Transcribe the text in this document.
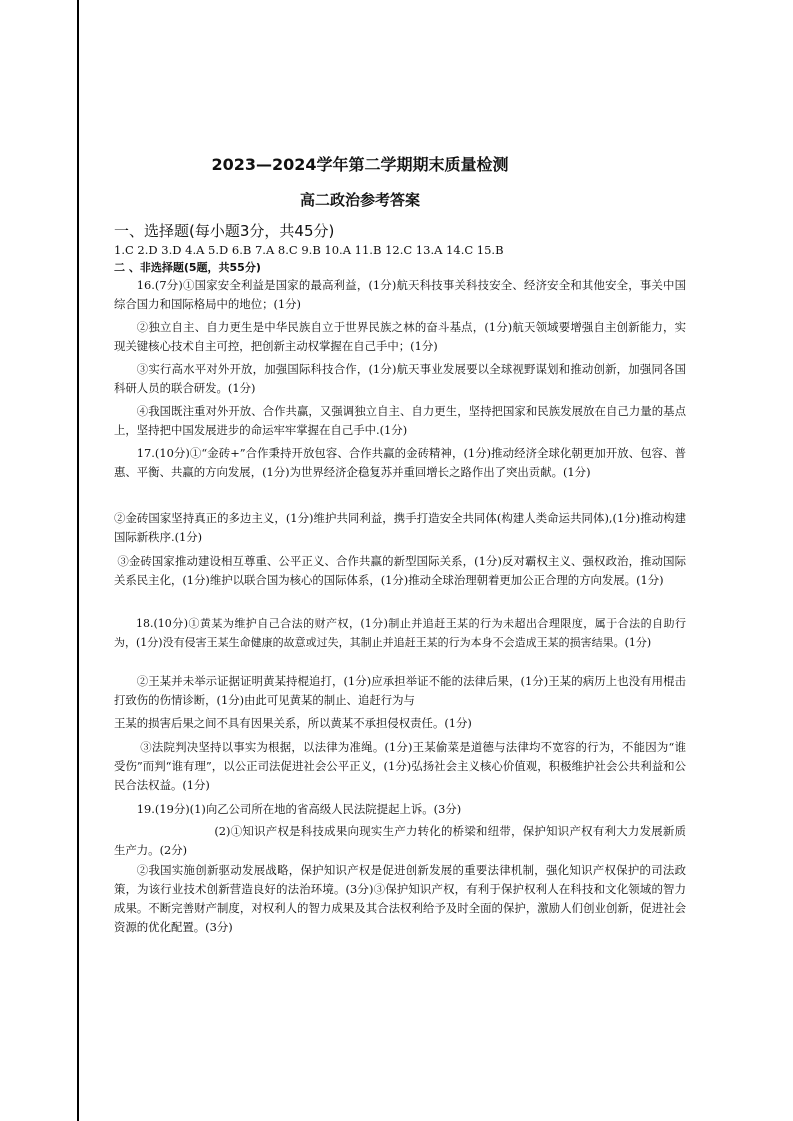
2023—2024学年第二学期期末质量检测
高二政治参考答案
一、选择题(每小题3分，共45分)
1.C 2.D 3.D 4.A 5.D 6.B 7.A 8.C 9.B 10.A 11.B 12.C 13.A 14.C 15.B
二 、非选择题(5题，共55分)

16.(7分)①国家安全利益是国家的最高利益，(1分)航天科技事关科技安全、经济安全和其他安全，事关中国综合国力和国际格局中的地位；(1分)

②独立自主、自力更生是中华民族自立于世界民族之林的奋斗基点，(1分)航天领域要增强自主创新能力，实现关键核心技术自主可控，把创新主动权掌握在自己手中；(1分)

③实行高水平对外开放，加强国际科技合作，(1分)航天事业发展要以全球视野谋划和推动创新，加强同各国科研人员的联合研发。(1分)

④我国既注重对外开放、合作共赢，又强调独立自主、自力更生，坚持把国家和民族发展放在自己力量的基点上，坚持把中国发展进步的命运牢牢掌握在自己手中.(1分)

17.(10分)①“金砖+”合作秉持开放包容、合作共赢的金砖精神，(1分)推动经济全球化朝更加开放、包容、普惠、平衡、共赢的方向发展，(1分)为世界经济企稳复苏并重回增长之路作出了突出贡献。(1分)

②金砖国家坚持真正的多边主义，(1分)维护共同利益，携手打造安全共同体(构建人类命运共同体),(1分)推动构建国际新秩序.(1分)

③金砖国家推动建设相互尊重、公平正义、合作共赢的新型国际关系，(1分)反对霸权主义、强权政治，推动国际关系民主化，(1分)维护以联合国为核心的国际体系，(1分)推动全球治理朝着更加公正合理的方向发展。(1分)

18.(10分)①黄某为维护自己合法的财产权，(1分)制止并追赶王某的行为未超出合理限度，属于合法的自助行为，(1分)没有侵害王某生命健康的故意或过失，其制止并追赶王某的行为本身不会造成王某的损害结果。(1分)

②王某并未举示证据证明黄某持棍追打，(1分)应承担举证不能的法律后果，(1分)王某的病历上也没有用棍击打致伤的伤情诊断，(1分)由此可见黄某的制止、追赶行为与

王某的损害后果之间不具有因果关系，所以黄某不承担侵权责任。(1分)

③法院判决坚持以事实为根据，以法律为准绳。(1分)王某偷菜是道德与法律均不宽容的行为，不能因为“谁受伤”而判“谁有理”，以公正司法促进社会公平正义，(1分)弘扬社会主义核心价值观，积极维护社会公共利益和公民合法权益。(1分)

19.(19分)(1)向乙公司所在地的省高级人民法院提起上诉。(3分)

(2)①知识产权是科技成果向现实生产力转化的桥梁和纽带，保护知识产权有利大力发展新质生产力。(2分)

②我国实施创新驱动发展战略，保护知识产权是促进创新发展的重要法律机制，强化知识产权保护的司法政策，为该行业技术创新营造良好的法治环境。(3分)③保护知识产权，有利于保护权利人在科技和文化领域的智力成果。不断完善财产制度，对权利人的智力成果及其合法权利给予及时全面的保护，激励人们创业创新，促进社会资源的优化配置。(3分)
